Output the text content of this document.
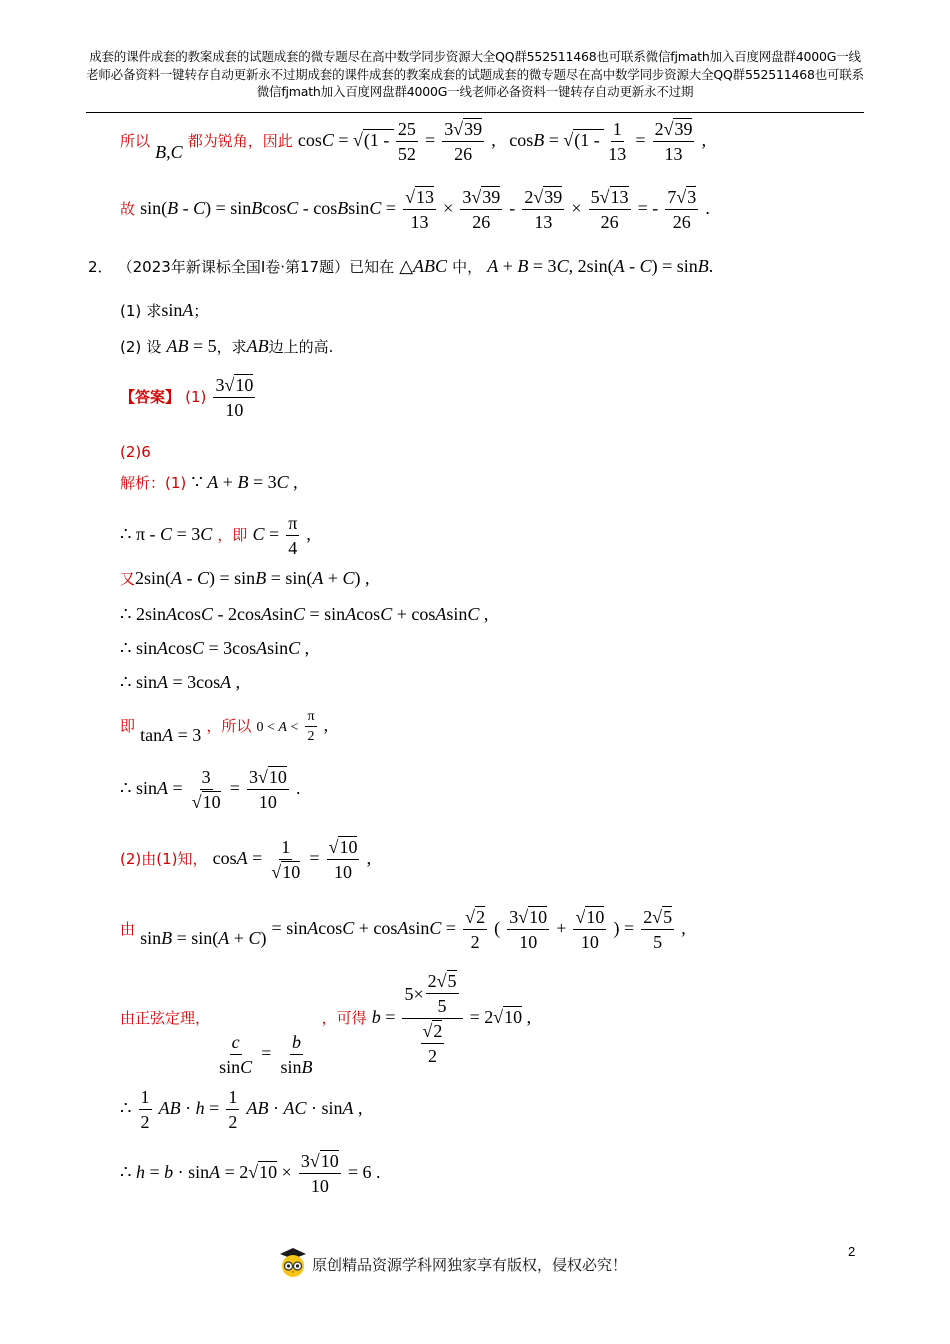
成套的课件成套的教案成套的试题成套的微专题尽在高中数学同步资源大全QQ群552511468也可联系微信fjmath加入百度网盘群4000G一线老师必备资料一键转存自动更新永不过期成套的课件成套的教案成套的试题成套的微专题尽在高中数学同步资源大全QQ群552511468也可联系微信fjmath加入百度网盘群4000G一线老师必备资料一键转存自动更新永不过期
所以 B,C 都为锐角，因此 $\cos C = √(1 - \frac{25}{52} = \frac{3√39}{26}$ ,   $\cos B = √(1 - \frac{1}{13} = \frac{2√39}{13}$ ,
故 sin(B - C) = sinBcosC - cosBsinC = $\frac{√13}{13} \times \frac{3√39}{26} - \frac{2√39}{13} \times \frac{5√13}{26}$ = - $\frac{7√3}{26}$ .
2． （2023年新课标全国Ⅰ卷·第17题）已知在 △ABC 中， A + B = 3C, 2sin(A - C) = sinB.
(1) 求sinA；
(2) 设 AB = 5，求AB边上的高.
【答案】 $(1) \frac{3√10}{10}$
(2)6
解析：(1) ∵ A + B = 3C ,
∴ π - C = 3C ，即 $C = \frac{\pi}{4}$ ,
又2sin(A - C) = sinB = sin(A + C) ,
∴ 2sinAcosC - 2cosAsinC = sinAcosC + cosAsinC ,
∴ sinAcosC = 3cosAsinC ,
∴ sinA = 3cosA ,
即 tanA = 3 ，所以 $0 < A < \frac{\pi}{2}$ ,
∴ $\sin A = \frac{3}{√10} = \frac{3√10}{10}$ .
(2)由(1)知， $\cos A = \frac{1}{√10} = \frac{√10}{10}$ ,
由 sinB = sin(A + C) = sinAcosC + cosAsinC = $\frac{√2}{2}$ ( $\frac{3√10}{10} + \frac{√10}{10}$ ) = $\frac{2√5}{5}$ ,
由正弦定理，
$\frac{c}{\sin C} = \frac{b}{\sin B}$
，可得 $b = \frac{5\times \frac{2√5}{5}}{\frac{√2}{2}} = 2√10$ ,
∴ $\frac{1}{2}$ AB · $h = \frac{1}{2}$ AB · AC · sinA ,
∴ $h = b \cdot \sin A = 2√10 \times \frac{3√10}{10} = 6$ .
原创精品资源学科网独家享有版权，侵权必究！
2
